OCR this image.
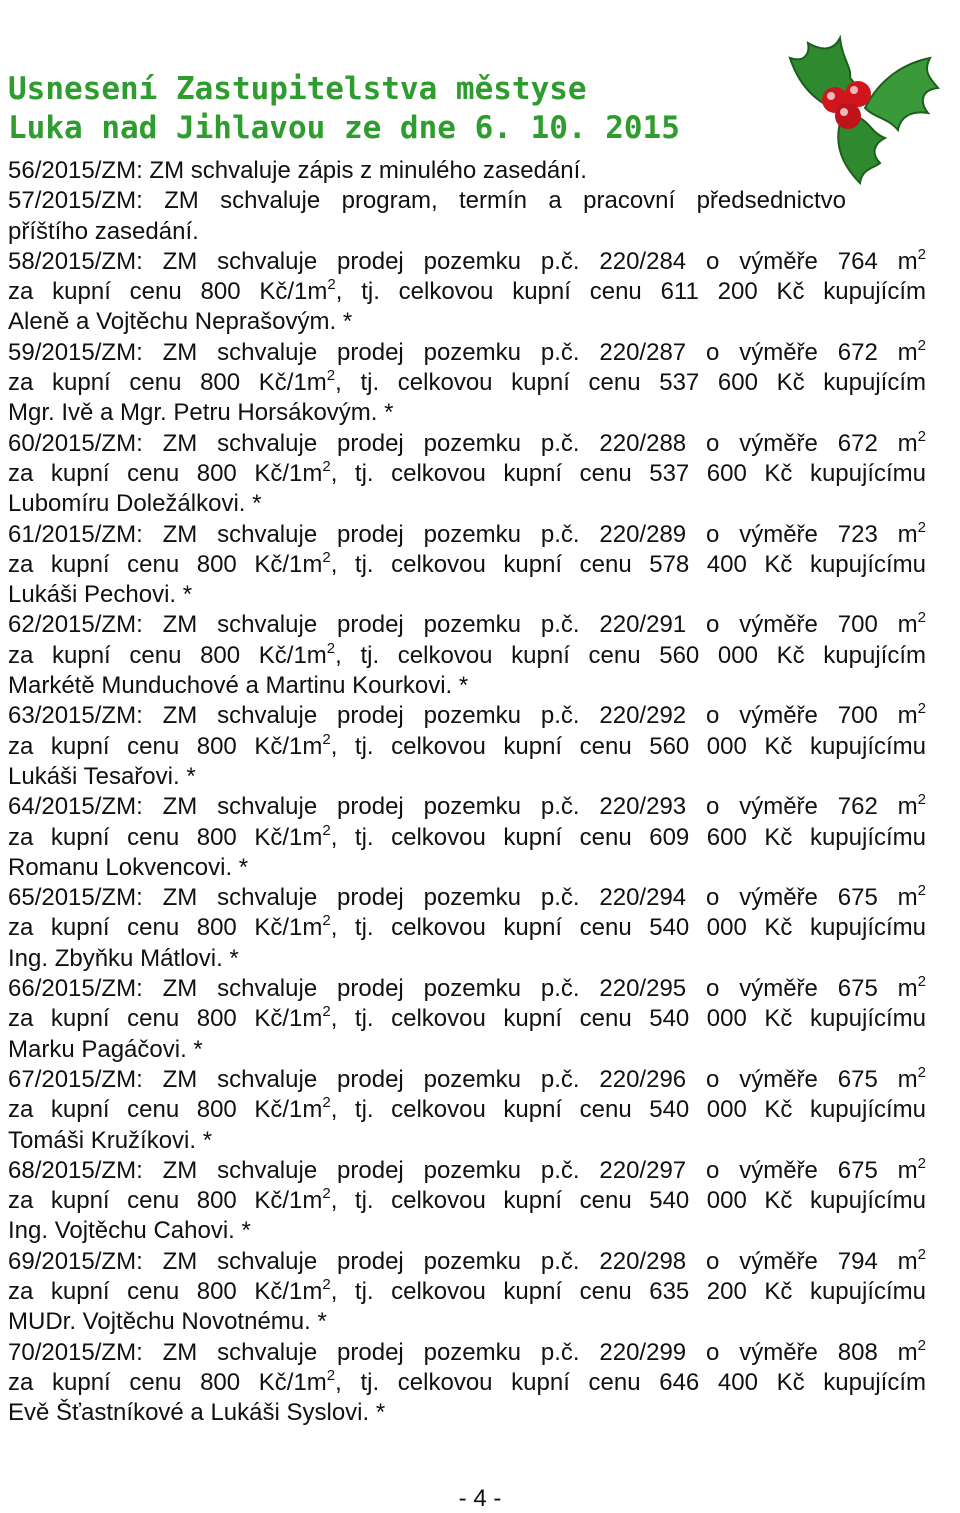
Usnesení Zastupitelstva městyse
Luka nad Jihlavou ze dne 6. 10. 2015
56/2015/ZM: ZM schvaluje zápis z minulého zasedání.
57/2015/ZM: ZM schvaluje program, termín a pracovní předsednictvo
příštího zasedání.
58/2015/ZM: ZM schvaluje prodej pozemku p.č. 220/284 o výměře 764 $m^2$
za kupní cenu 800 $Kč/1m^2$, tj. celkovou kupní cenu 611 200 Kč kupujícím
Aleně a Vojtěchu Neprašovým. *
59/2015/ZM: ZM schvaluje prodej pozemku p.č. 220/287 o výměře 672 $m^2$
za kupní cenu 800 $Kč/1m^2$, tj. celkovou kupní cenu 537 600 Kč kupujícím
Mgr. Ivě a Mgr. Petru Horsákovým. *
60/2015/ZM: ZM schvaluje prodej pozemku p.č. 220/288 o výměře 672 $m^2$
za kupní cenu 800 $Kč/1m^2$, tj. celkovou kupní cenu 537 600 Kč kupujícímu
Lubomíru Doležálkovi. *
61/2015/ZM: ZM schvaluje prodej pozemku p.č. 220/289 o výměře 723 $m^2$
za kupní cenu 800 $Kč/1m^2$, tj. celkovou kupní cenu 578 400 Kč kupujícímu
Lukáši Pechovi. *
62/2015/ZM: ZM schvaluje prodej pozemku p.č. 220/291 o výměře 700 $m^2$
za kupní cenu 800 $Kč/1m^2$, tj. celkovou kupní cenu 560 000 Kč kupujícím
Markétě Munduchové a Martinu Kourkovi. *
63/2015/ZM: ZM schvaluje prodej pozemku p.č. 220/292 o výměře 700 $m^2$
za kupní cenu 800 $Kč/1m^2$, tj. celkovou kupní cenu 560 000 Kč kupujícímu
Lukáši Tesařovi. *
64/2015/ZM: ZM schvaluje prodej pozemku p.č. 220/293 o výměře 762 $m^2$
za kupní cenu 800 $Kč/1m^2$, tj. celkovou kupní cenu 609 600 Kč kupujícímu
Romanu Lokvencovi. *
65/2015/ZM: ZM schvaluje prodej pozemku p.č. 220/294 o výměře 675 $m^2$
za kupní cenu 800 $Kč/1m^2$, tj. celkovou kupní cenu 540 000 Kč kupujícímu
Ing. Zbyňku Mátlovi. *
66/2015/ZM: ZM schvaluje prodej pozemku p.č. 220/295 o výměře 675 $m^2$
za kupní cenu 800 $Kč/1m^2$, tj. celkovou kupní cenu 540 000 Kč kupujícímu
Marku Pagáčovi. *
67/2015/ZM: ZM schvaluje prodej pozemku p.č. 220/296 o výměře 675 $m^2$
za kupní cenu 800 $Kč/1m^2$, tj. celkovou kupní cenu 540 000 Kč kupujícímu
Tomáši Kružíkovi. *
68/2015/ZM: ZM schvaluje prodej pozemku p.č. 220/297 o výměře 675 $m^2$
za kupní cenu 800 $Kč/1m^2$, tj. celkovou kupní cenu 540 000 Kč kupujícímu
Ing. Vojtěchu Cahovi. *
69/2015/ZM: ZM schvaluje prodej pozemku p.č. 220/298 o výměře 794 $m^2$
za kupní cenu 800 $Kč/1m^2$, tj. celkovou kupní cenu 635 200 Kč kupujícímu
MUDr. Vojtěchu Novotnému. *
70/2015/ZM: ZM schvaluje prodej pozemku p.č. 220/299 o výměře 808 $m^2$
za kupní cenu 800 $Kč/1m^2$, tj. celkovou kupní cenu 646 400 Kč kupujícím
Evě Šťastníkové a Lukáši Syslovi. *
- 4 -
